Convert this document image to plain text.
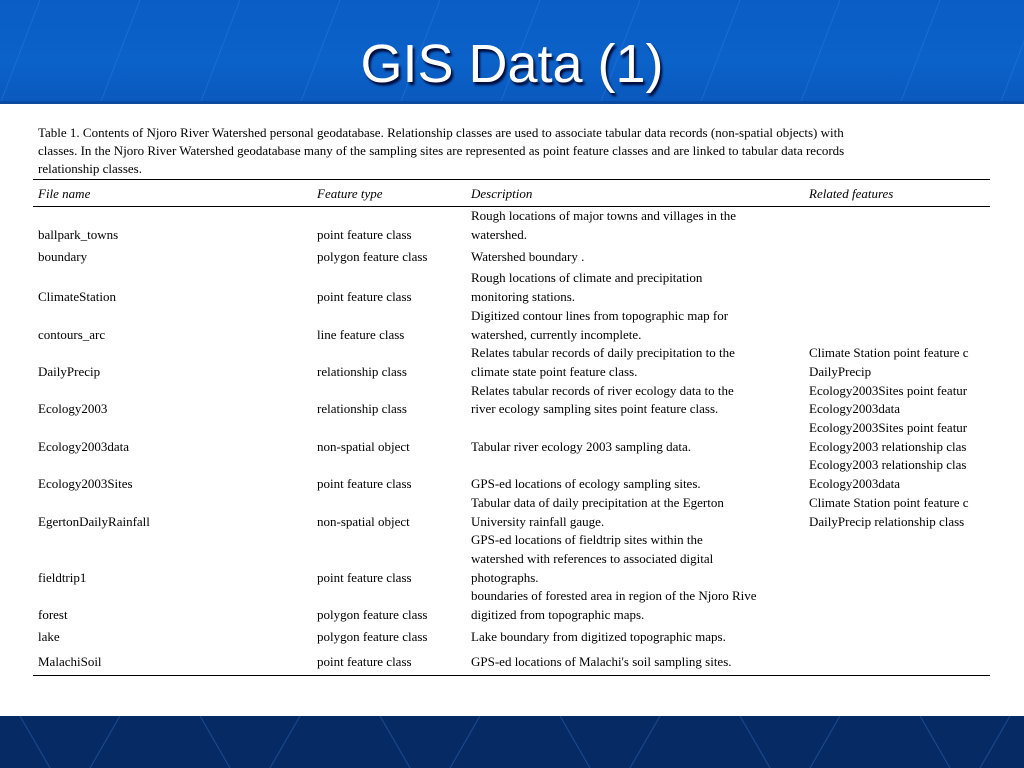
GIS Data (1)
Table 1. Contents of Njoro River Watershed personal geodatabase. Relationship classes are used to associate tabular data records (non-spatial objects) with
classes. In the Njoro River Watershed geodatabase many of the sampling sites are represented as point feature classes and are linked to tabular data records
relationship classes.
File name	Feature type	Description	Related features
ballpark_towns	point feature class	Rough locations of major towns and villages in the
watershed.	

boundary	polygon feature class	Watershed boundary .	

ClimateStation	point feature class	Rough locations of climate and precipitation
monitoring stations.	

contours_arc	line feature class	Digitized contour lines from topographic map for
watershed, currently incomplete.	

DailyPrecip	relationship class	Relates tabular records of daily precipitation to the
climate state point feature class.	Climate Station point feature c
DailyPrecip

Ecology2003	relationship class	Relates tabular records of river ecology data to the
river ecology sampling sites point feature class.	Ecology2003Sites point featur
Ecology2003data

Ecology2003data	non-spatial object	Tabular river ecology 2003 sampling data.	Ecology2003Sites point featur
Ecology2003 relationship clas

Ecology2003Sites	point feature class	GPS-ed locations of ecology sampling sites.	Ecology2003 relationship clas
Ecology2003data

EgertonDailyRainfall	non-spatial object	Tabular data of daily precipitation at the Egerton
University rainfall gauge.	Climate Station point feature c
DailyPrecip relationship class

fieldtrip1	point feature class	GPS-ed locations of fieldtrip sites within the
watershed with references to associated digital
photographs.	

forest	polygon feature class	boundaries of forested area in region of the Njoro Rive
digitized from topographic maps.	

lake	polygon feature class	Lake boundary from digitized topographic maps.	

MalachiSoil	point feature class	GPS-ed locations of Malachi's soil sampling sites.	
